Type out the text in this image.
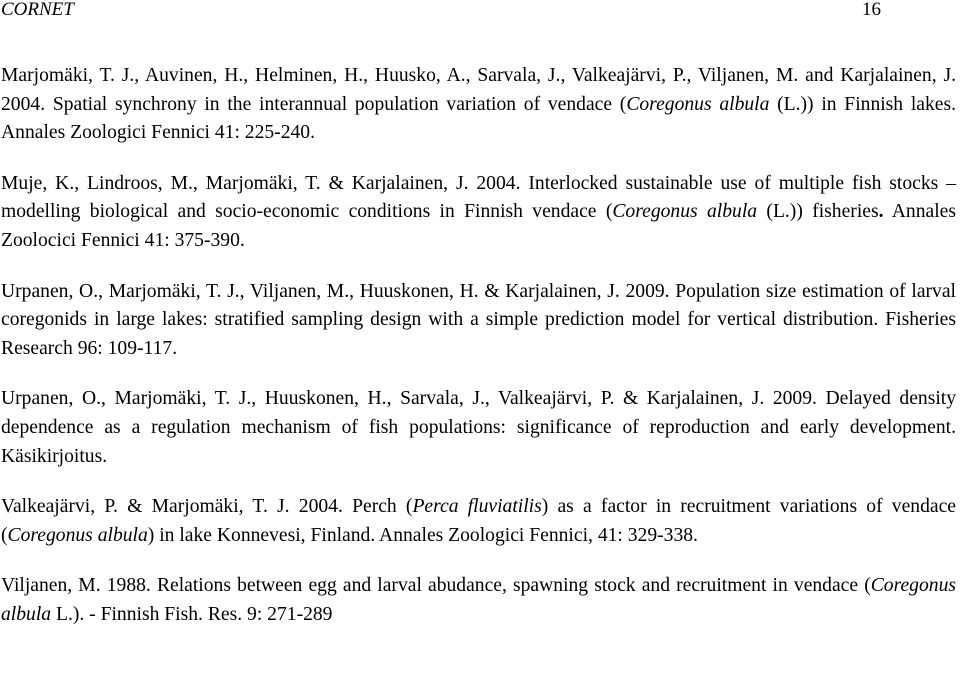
CORNET	16

Marjomäki, T. J., Auvinen, H., Helminen, H., Huusko, A., Sarvala, J., Valkeajärvi, P., Viljanen, M. and Karjalainen, J. 2004. Spatial synchrony in the interannual population variation of vendace (Coregonus albula (L.)) in Finnish lakes. Annales Zoologici Fennici 41: 225-240.

Muje, K., Lindroos, M., Marjomäki, T. & Karjalainen, J. 2004. Interlocked sustainable use of multiple fish stocks – modelling biological and socio-economic conditions in Finnish vendace (Coregonus albula (L.)) fisheries. Annales Zoolocici Fennici 41: 375-390.

Urpanen, O., Marjomäki, T. J., Viljanen, M., Huuskonen, H. & Karjalainen, J. 2009. Population size estimation of larval coregonids in large lakes: stratified sampling design with a simple prediction model for vertical distribution. Fisheries Research 96: 109-117.

Urpanen, O., Marjomäki, T. J., Huuskonen, H., Sarvala, J., Valkeajärvi, P. & Karjalainen, J. 2009. Delayed density dependence as a regulation mechanism of fish populations: significance of reproduction and early development. Käsikirjoitus.

Valkeajärvi, P. & Marjomäki, T. J. 2004. Perch (Perca fluviatilis) as a factor in recruitment variations of vendace (Coregonus albula) in lake Konnevesi, Finland. Annales Zoologici Fennici, 41: 329-338.

Viljanen, M. 1988. Relations between egg and larval abudance, spawning stock and recruitment in vendace (Coregonus albula L.). - Finnish Fish. Res. 9: 271-289
